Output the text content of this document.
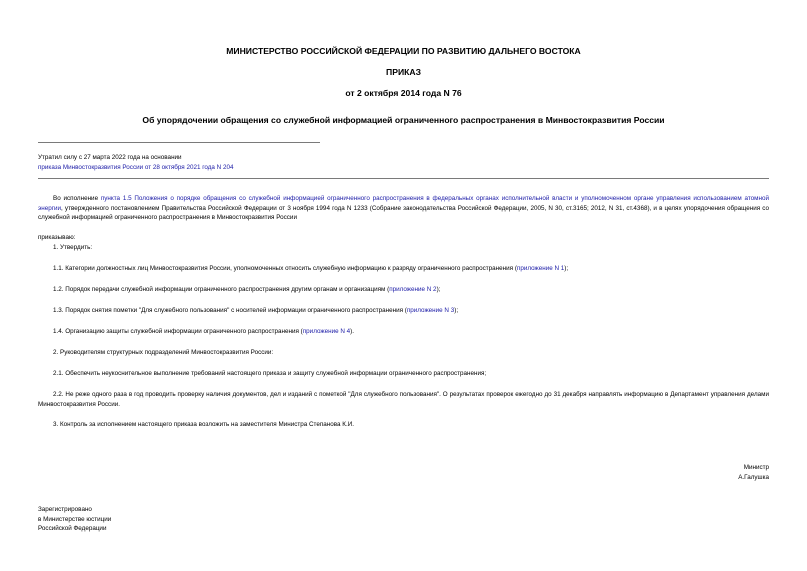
МИНИСТЕРСТВО РОССИЙСКОЙ ФЕДЕРАЦИИ ПО РАЗВИТИЮ ДАЛЬНЕГО ВОСТОКА
ПРИКАЗ
от 2 октября 2014 года N 76
Об упорядочении обращения со служебной информацией ограниченного распространения в Минвостокразвития России
Утратил силу с 27 марта 2022 года на основании
приказа Минвостокразвития России от 28 октября 2021 года N 204
Во исполнение пункта 1.5 Положения о порядке обращения со служебной информацией ограниченного распространения в федеральных органах исполнительной власти и уполномоченном органе управления использованием атомной энергии, утвержденного постановлением Правительства Российской Федерации от 3 ноября 1994 года N 1233 (Собрание законодательства Российской Федерации, 2005, N 30, ст.3165; 2012, N 31, ст.4368), и в целях упорядочения обращения со служебной информацией ограниченного распространения в Минвостокразвития России
приказываю:
1. Утвердить:
1.1. Категории должностных лиц Минвостокразвития России, уполномоченных относить служебную информацию к разряду ограниченного распространения (приложение N 1);
1.2. Порядок передачи служебной информации ограниченного распространения другим органам и организациям (приложение N 2);
1.3. Порядок снятия пометки "Для служебного пользования" с носителей информации ограниченного распространения (приложение N 3);
1.4. Организацию защиты служебной информации ограниченного распространения (приложение N 4).
2. Руководителям структурных подразделений Минвостокразвития России:
2.1. Обеспечить неукоснительное выполнение требований настоящего приказа и защиту служебной информации ограниченного распространения;
2.2. Не реже одного раза в год проводить проверку наличия документов, дел и изданий с пометкой "Для служебного пользования". О результатах проверок ежегодно до 31 декабря направлять информацию в Департамент управления делами Минвостокразвития России.
3. Контроль за исполнением настоящего приказа возложить на заместителя Министра Степанова К.И.
Министр
А.Галушка
Зарегистрировано
в Министерстве юстиции
Российской Федерации
